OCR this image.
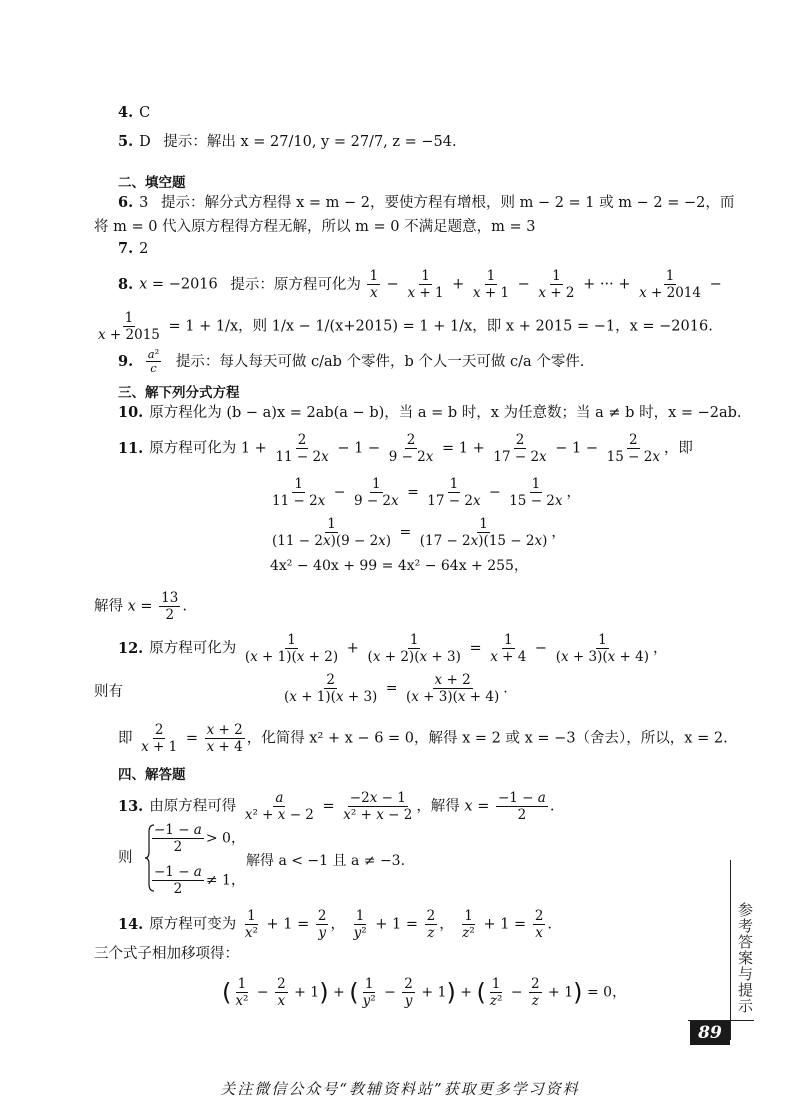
4. C
5. D 提示：解出 x = 27/10, y = 27/7, z = −54.
二、填空题
6. 3 提示：解分式方程得 x = m − 2，要使方程有增根，则 m − 2 = 1 或 m − 2 = −2，而
将 m = 0 代入原方程得方程无解，所以 m = 0 不满足题意，m = 3
7. 2
8. x = −2016 提示：原方程可化为 $\frac{1}{x} - \frac{1}{x + 1} + \frac{1}{x + 1} - \frac{1}{x + 2}$ + ··· + $\frac{1}{x + 2014}$ −
$\frac{1}{x + 2015} = 1 + 1/x$，则 1/x − 1/(x+2015) = 1 + 1/x，即 x + 2015 = −1，x = −2016.
9. $\frac{\text{a²}}{c}$ 提示：每人每天可做 c/ab 个零件，b 个人一天可做 c/a 个零件.
三、解下列分式方程
10. 原方程化为 (b − a)x = 2ab(a − b)，当 a = b 时，x 为任意数；当 a ≠ b 时，x = −2ab.
11. 原方程可化为 $1 + \frac{2}{11 - 2x} - 1 - \frac{2}{9 - 2x} = 1 + \frac{2}{17 - 2x} - 1 - \frac{2}{15 - 2x}$ ，即
$\frac{1}{11 - 2x} - \frac{1}{9 - 2x} = \frac{1}{17 - 2x} - \frac{1}{15 - 2x}$ ，
$\frac{1}{(11 - 2x)(9 - 2x)} = \frac{1}{(17 - 2x)(15 - 2x)}$ ，
4x² − 40x + 99 = 4x² − 64x + 255，
解得 $x = \frac{13}{2}$ .
12. 原方程可化为 $\frac{1}{(x + 1)(x + 2)} + \frac{1}{(x + 2)(x + 3)} = \frac{1}{x + 4} - \frac{1}{(x + 3)(x + 4)}$ ，
则有	$\frac{2}{(x + 1)(x + 3)} = \frac{x + 2}{(x + 3)(x + 4)}$ .
即 $\frac{2}{x + 1} = \frac{x + 2}{x + 4}$ ，化简得 x² + x − 6 = 0，解得 x = 2 或 x = −3（舍去），所以，x = 2.
四、解答题
13. 由原方程可得 $\frac{a}{\text{x² + x − 2}} = \frac{-2x - 1}{\text{x² + x − 2}}$ ，解得 $x = \frac{-1 - a}{2}$ .
则
$\frac{-1 - a}{2} > 0$，
$\frac{-1 - a}{2} \ne 1$，
解得 a < −1 且 a ≠ −3.
14. 原方程可变为 $\frac{1}{\text{x²}} + 1 = \frac{2}{y}$ ， $\frac{1}{\text{y²}} + 1 = \frac{2}{z}$ ， $\frac{1}{\text{z²}} + 1 = \frac{2}{x}$ .
三个式子相加移项得：
( $\frac{1}{\text{x²}} - \frac{2}{x} + 1$) + ( $\frac{1}{\text{y²}} - \frac{2}{y} + 1$) + ( $\frac{1}{\text{z²}} - \frac{2}{z} + 1) = 0$，	参考答案与提示
89
关注微信公众号“教辅资料站”获取更多学习资料
